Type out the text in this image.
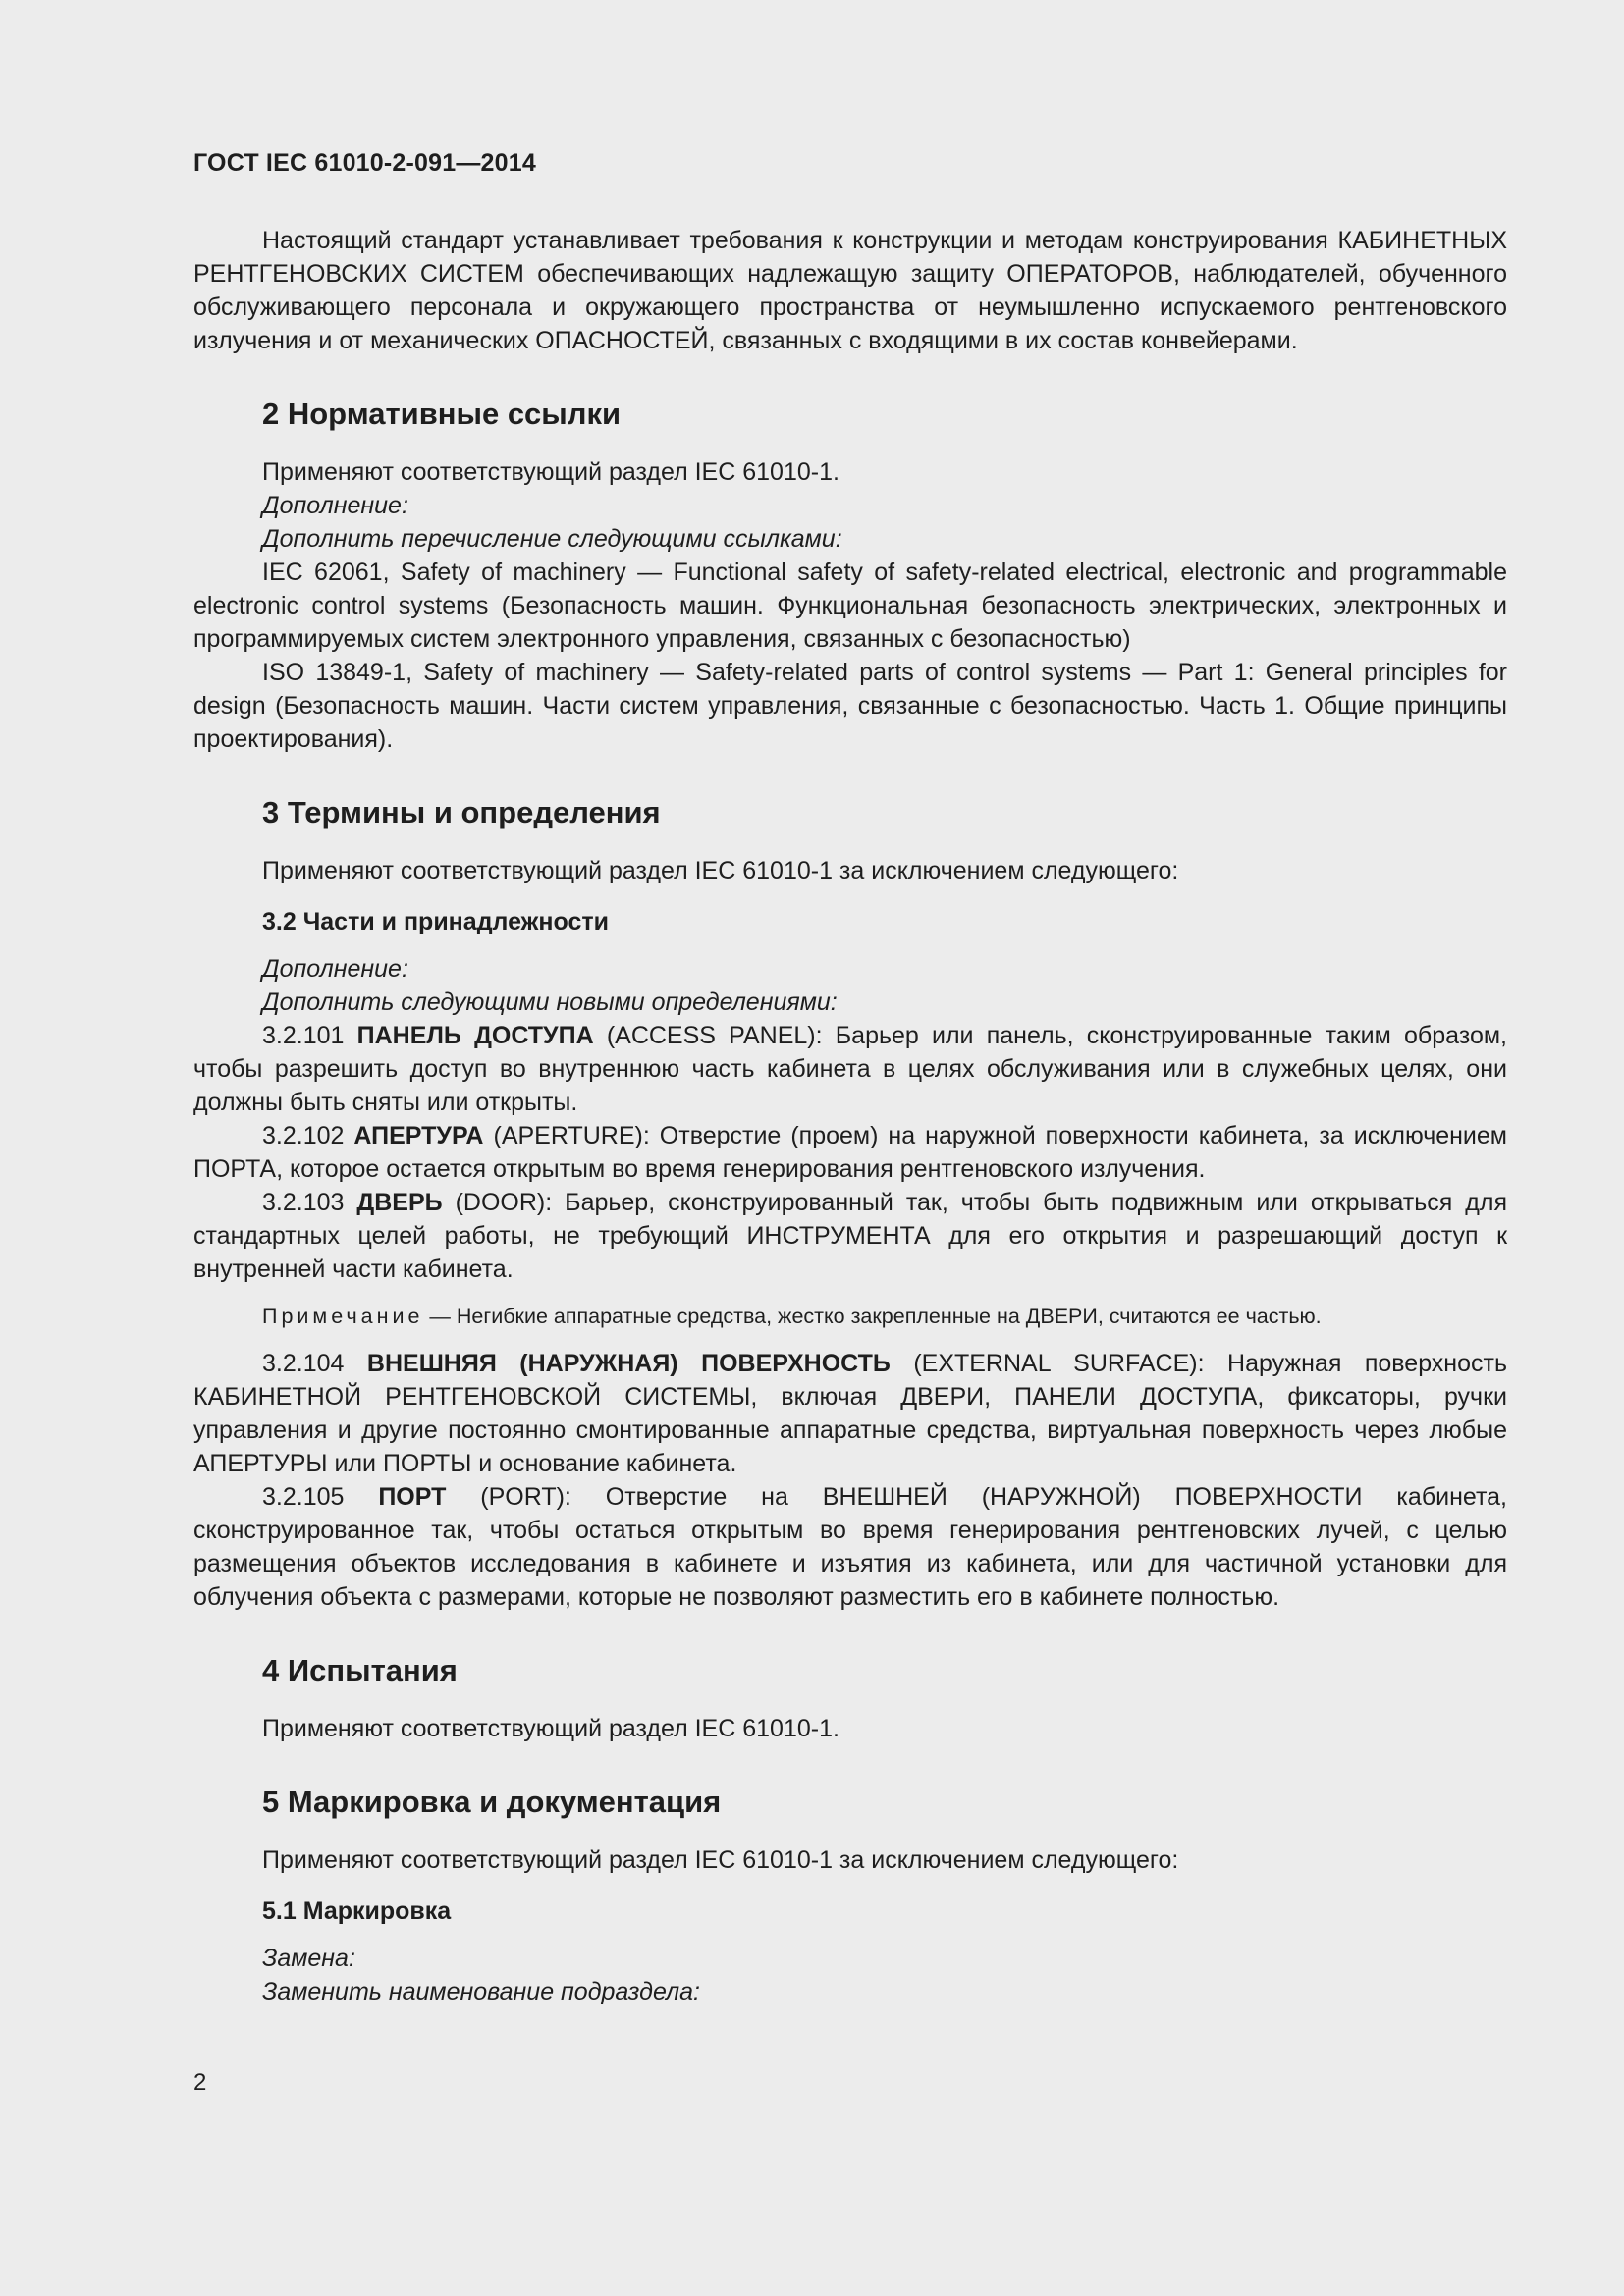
ГОСТ IEC 61010-2-091—2014

Настоящий стандарт устанавливает требования к конструкции и методам конструирования КАБИНЕТНЫХ РЕНТГЕНОВСКИХ СИСТЕМ обеспечивающих надлежащую защиту ОПЕРАТОРОВ, наблюдателей, обученного обслуживающего персонала и окружающего пространства от неумышленно испускаемого рентгеновского излучения и от механических ОПАСНОСТЕЙ, связанных с входящими в их состав конвейерами.

2 Нормативные ссылки

Применяют соответствующий раздел IEC 61010-1.

Дополнение:

Дополнить перечисление следующими ссылками:

IEC 62061, Safety of machinery — Functional safety of safety-related electrical, electronic and programmable electronic control systems (Безопасность машин. Функциональная безопасность электрических, электронных и программируемых систем электронного управления, связанных с безопасностью)

ISO 13849-1, Safety of machinery — Safety-related parts of control systems — Part 1: General principles for design (Безопасность машин. Части систем управления, связанные с безопасностью. Часть 1. Общие принципы проектирования).

3 Термины и определения

Применяют соответствующий раздел IEC 61010-1 за исключением следующего:

3.2 Части и принадлежности

Дополнение:

Дополнить следующими новыми определениями:

3.2.101 ПАНЕЛЬ ДОСТУПА (ACCESS PANEL): Барьер или панель, сконструированные таким образом, чтобы разрешить доступ во внутреннюю часть кабинета в целях обслуживания или в служебных целях, они должны быть сняты или открыты.

3.2.102 АПЕРТУРА (APERTURE): Отверстие (проем) на наружной поверхности кабинета, за исключением ПОРТА, которое остается открытым во время генерирования рентгеновского излучения.

3.2.103 ДВЕРЬ (DOOR): Барьер, сконструированный так, чтобы быть подвижным или открываться для стандартных целей работы, не требующий ИНСТРУМЕНТА для его открытия и разрешающий доступ к внутренней части кабинета.

Примечание — Негибкие аппаратные средства, жестко закрепленные на ДВЕРИ, считаются ее частью.

3.2.104 ВНЕШНЯЯ (НАРУЖНАЯ) ПОВЕРХНОСТЬ (EXTERNAL SURFACE): Наружная поверхность КАБИНЕТНОЙ РЕНТГЕНОВСКОЙ СИСТЕМЫ, включая ДВЕРИ, ПАНЕЛИ ДОСТУПА, фиксаторы, ручки управления и другие постоянно смонтированные аппаратные средства, виртуальная поверхность через любые АПЕРТУРЫ или ПОРТЫ и основание кабинета.

3.2.105 ПОРТ (PORT): Отверстие на ВНЕШНЕЙ (НАРУЖНОЙ) ПОВЕРХНОСТИ кабинета, сконструированное так, чтобы остаться открытым во время генерирования рентгеновских лучей, с целью размещения объектов исследования в кабинете и изъятия из кабинета, или для частичной установки для облучения объекта с размерами, которые не позволяют разместить его в кабинете полностью.

4 Испытания

Применяют соответствующий раздел IEC 61010-1.

5 Маркировка и документация

Применяют соответствующий раздел IEC 61010-1 за исключением следующего:

5.1 Маркировка

Замена:

Заменить наименование подраздела:

2
